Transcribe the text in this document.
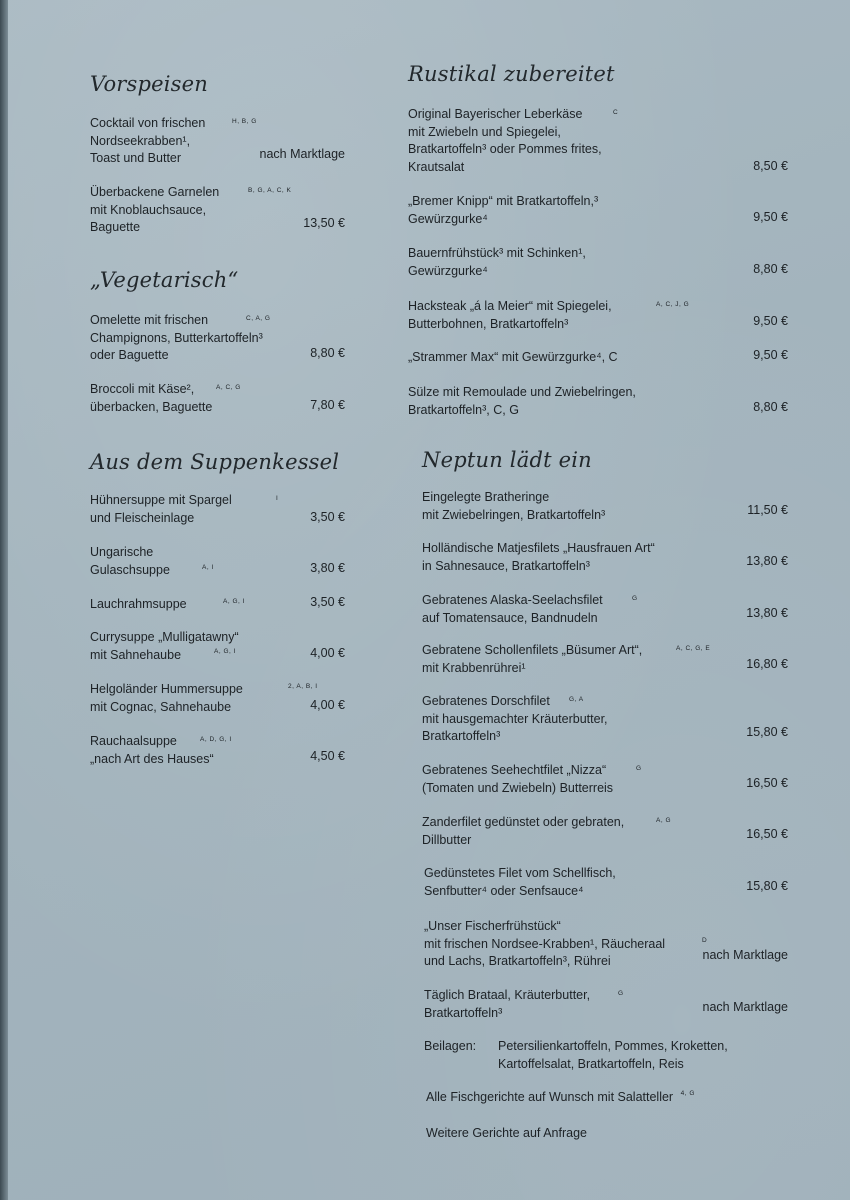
Vorspeisen
Cocktail von frischen
Nordseekrabben¹,
Toast und Butter	nach Marktlage
H, B, G
Überbackene Garnelen
mit Knoblauchsauce,
Baguette	13,50 €
B, G, A, C, K
„Vegetarisch“
Omelette mit frischen
Champignons, Butterkartoffeln³
oder Baguette	8,80 €
C, A, G
Broccoli mit Käse²,
überbacken, Baguette	7,80 €
A, C, G
Aus dem Suppenkessel
Hühnersuppe mit Spargel
und Fleischeinlage	3,50 €
I
Ungarische
Gulaschsuppe	3,80 €
A, I
Lauchrahmsuppe	3,50 €
A, G, I
Currysuppe „Mulligatawny“
mit Sahnehaube	4,00 €
A, G, I
Helgoländer Hummersuppe
mit Cognac, Sahnehaube	4,00 €
2, A, B, I
Rauchaalsuppe
„nach Art des Hauses“	4,50 €
A, D, G, I
Rustikal zubereitet
Original Bayerischer Leberkäse
mit Zwiebeln und Spiegelei,
Bratkartoffeln³ oder Pommes frites,
Krautsalat	8,50 €
C
„Bremer Knipp“ mit Bratkartoffeln,³
Gewürzgurke⁴	9,50 €
Bauernfrühstück³ mit Schinken¹,
Gewürzgurke⁴	8,80 €
Hacksteak „á la Meier“ mit Spiegelei,
Butterbohnen, Bratkartoffeln³	9,50 €
A, C, J, G
„Strammer Max“ mit Gewürzgurke⁴, C	9,50 €
Sülze mit Remoulade und Zwiebelringen,
Bratkartoffeln³, C, G	8,80 €
Neptun lädt ein
Eingelegte Bratheringe
mit Zwiebelringen, Bratkartoffeln³	11,50 €
Holländische Matjesfilets „Hausfrauen Art“
in Sahnesauce, Bratkartoffeln³	13,80 €
Gebratenes Alaska-Seelachsfilet
auf Tomatensauce, Bandnudeln	13,80 €
G
Gebratene Schollenfilets „Büsumer Art“,
mit Krabbenrührei¹	16,80 €
A, C, G, E
Gebratenes Dorschfilet
mit hausgemachter Kräuterbutter,
Bratkartoffeln³	15,80 €
G, A
Gebratenes Seehechtfilet „Nizza“
(Tomaten und Zwiebeln) Butterreis	16,50 €
G
Zanderfilet gedünstet oder gebraten,
Dillbutter	16,50 €
A, G
Gedünstetes Filet vom Schellfisch,
Senfbutter⁴ oder Senfsauce⁴	15,80 €
„Unser Fischerfrühstück“
mit frischen Nordsee-Krabben¹, Räucheraal
und Lachs, Bratkartoffeln³, Rührei	nach Marktlage
D
Täglich Brataal, Kräuterbutter,
Bratkartoffeln³	nach Marktlage
G
Beilagen: Petersilienkartoffeln, Pommes, Kroketten,
Kartoffelsalat, Bratkartoffeln, Reis
Alle Fischgerichte auf Wunsch mit Salatteller $^{4, G}$
Weitere Gerichte auf Anfrage
